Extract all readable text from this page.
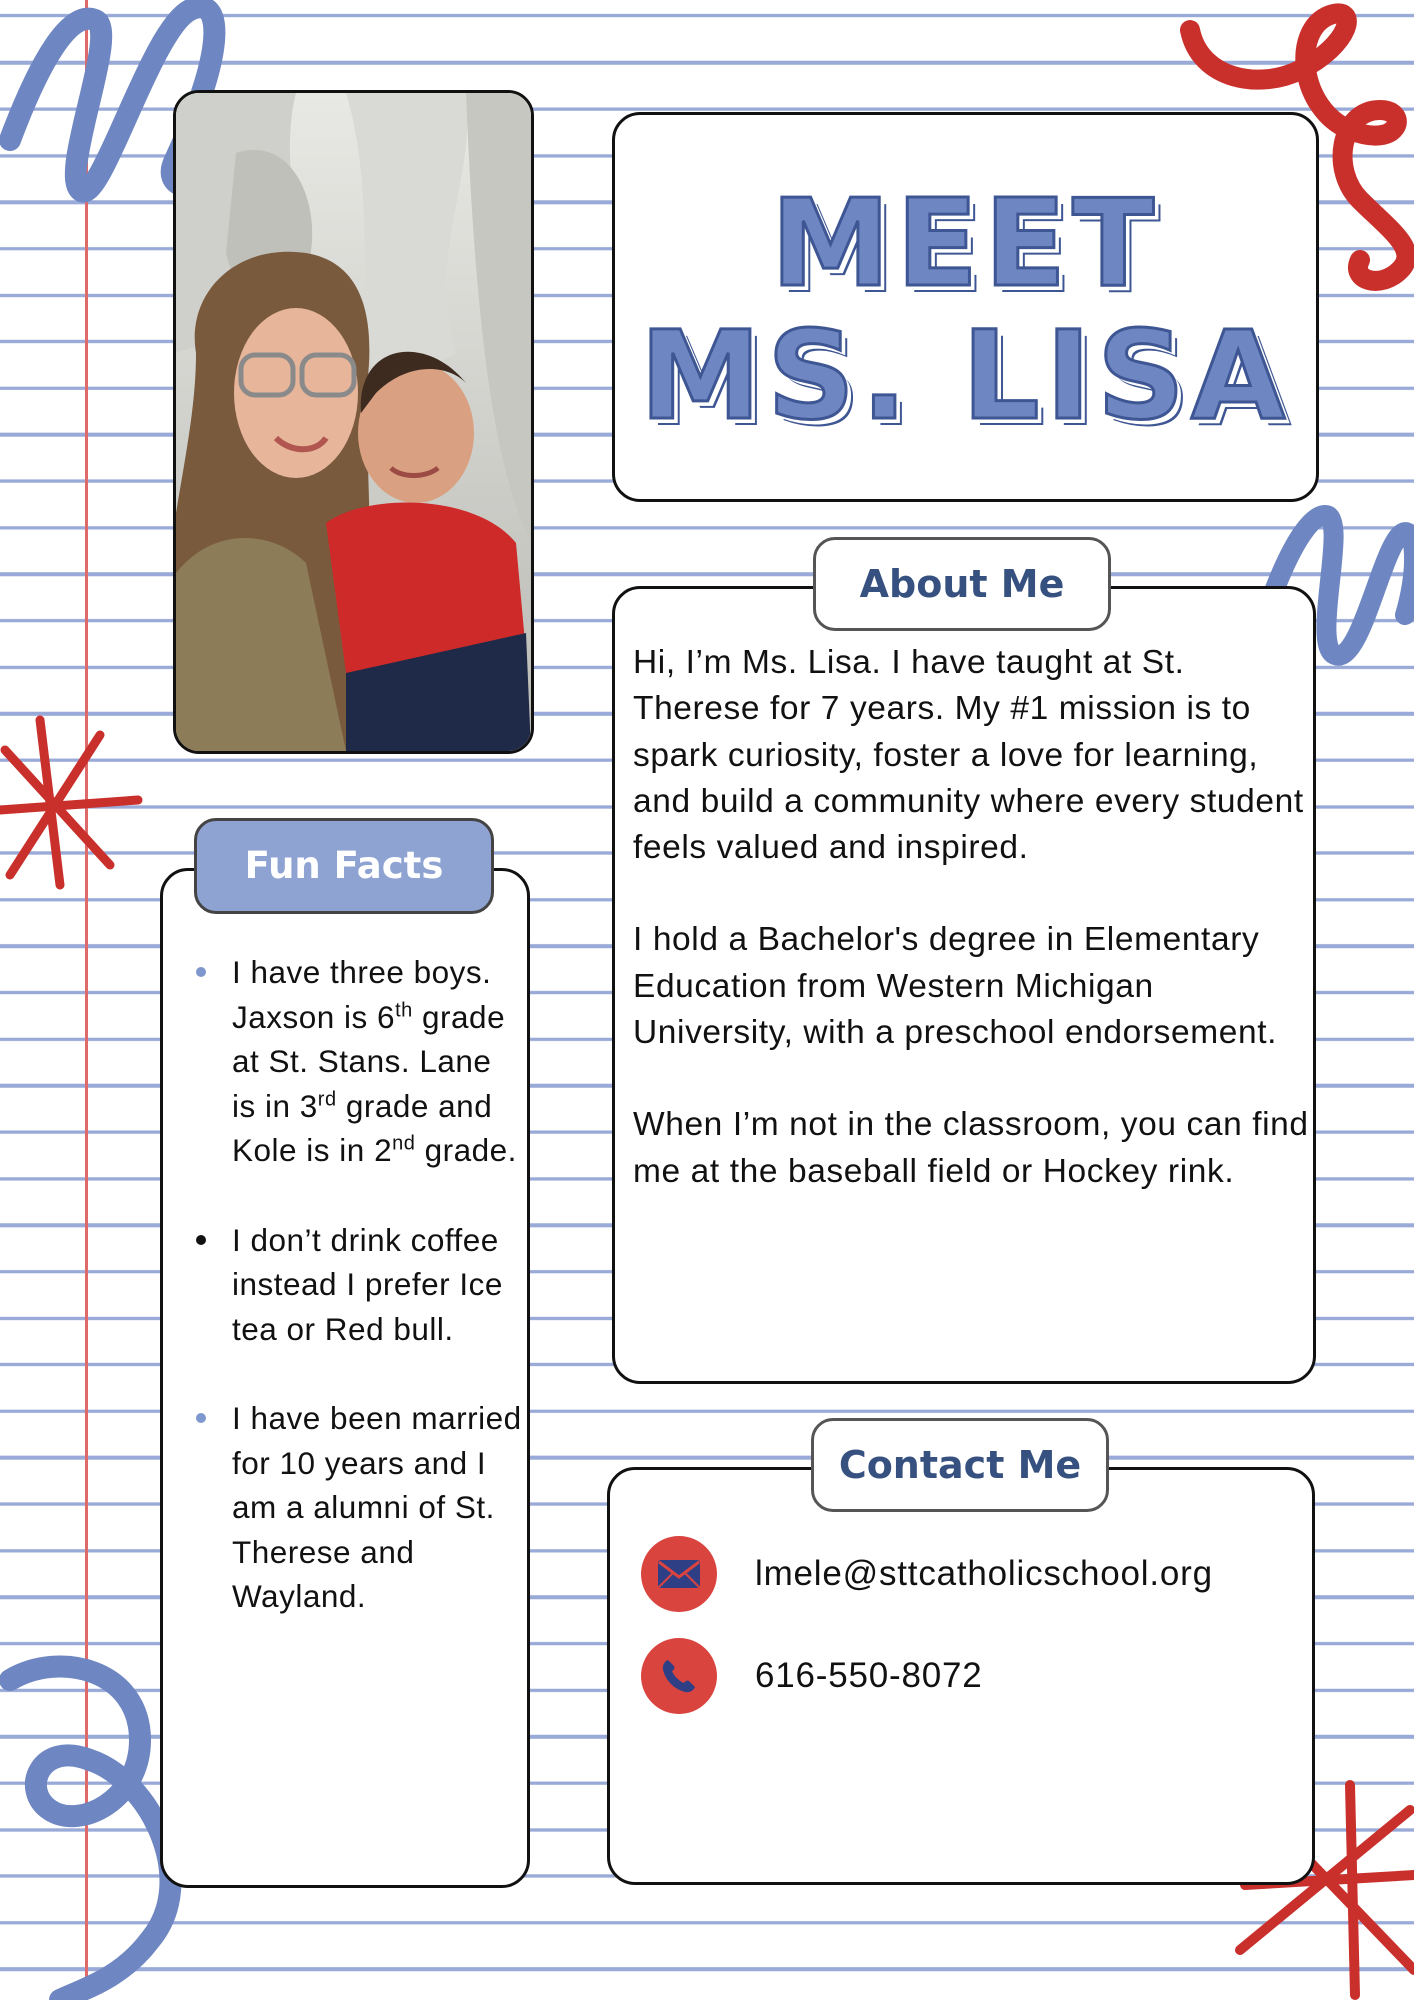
MEET
MS. LISA
About Me

Hi, I’m Ms. Lisa. I have taught at St. Therese for 7 years. My #1 mission is to spark curiosity, foster a love for learning, and build a community where every student feels valued and inspired.

I hold a Bachelor's degree in Elementary Education from Western Michigan University, with a preschool endorsement.

When I’m not in the classroom, you can find me at the baseball field or Hockey rink.

Fun Facts
I have three boys. Jaxson is 6th grade at St. Stans. Lane is in 3rd grade and Kole is in 2nd grade.
I don’t drink coffee instead I prefer Ice tea or Red bull.
I have been married for 10 years and I am a alumni of St. Therese and Wayland.
Contact Me
lmele@sttcatholicschool.org
616-550-8072
